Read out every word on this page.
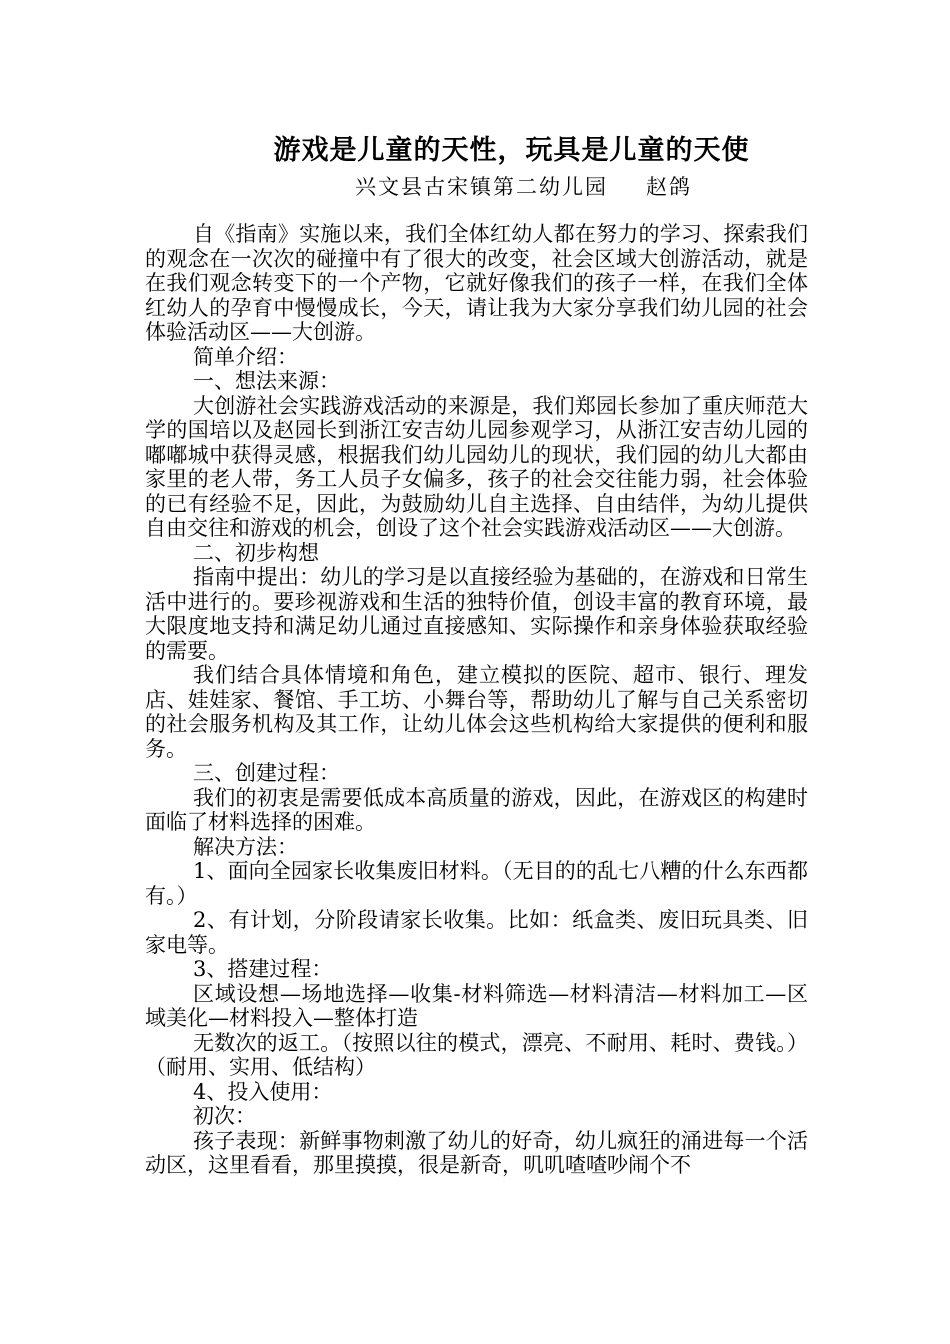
游戏是儿童的天性，玩具是儿童的天使
兴文县古宋镇第二幼儿园 赵鸽

自《指南》实施以来，我们全体红幼人都在努力的学习、探索我们的观念在一次次的碰撞中有了很大的改变，社会区域大创游活动，就是在我们观念转变下的一个产物，它就好像我们的孩子一样，在我们全体红幼人的孕育中慢慢成长，今天，请让我为大家分享我们幼儿园的社会体验活动区——大创游。

简单介绍：

一、想法来源：

大创游社会实践游戏活动的来源是，我们郑园长参加了重庆师范大学的国培以及赵园长到浙江安吉幼儿园参观学习，从浙江安吉幼儿园的嘟嘟城中获得灵感，根据我们幼儿园幼儿的现状，我们园的幼儿大都由家里的老人带，务工人员子女偏多，孩子的社会交往能力弱，社会体验的已有经验不足，因此，为鼓励幼儿自主选择、自由结伴，为幼儿提供自由交往和游戏的机会，创设了这个社会实践游戏活动区——大创游。

二、初步构想

指南中提出：幼儿的学习是以直接经验为基础的，在游戏和日常生活中进行的。要珍视游戏和生活的独特价值，创设丰富的教育环境，最大限度地支持和满足幼儿通过直接感知、实际操作和亲身体验获取经验的需要。

我们结合具体情境和角色，建立模拟的医院、超市、银行、理发店、娃娃家、餐馆、手工坊、小舞台等，帮助幼儿了解与自己关系密切的社会服务机构及其工作，让幼儿体会这些机构给大家提供的便利和服务。

三、创建过程：

我们的初衷是需要低成本高质量的游戏，因此，在游戏区的构建时面临了材料选择的困难。

解决方法：

1、面向全园家长收集废旧材料。（无目的的乱七八糟的什么东西都有。）

2、有计划，分阶段请家长收集。比如：纸盒类、废旧玩具类、旧家电等。

3、搭建过程：

区域设想—场地选择—收集-材料筛选—材料清洁—材料加工—区域美化—材料投入—整体打造

无数次的返工。（按照以往的模式，漂亮、不耐用、耗时、费钱。）（耐用、实用、低结构）

4、投入使用：

初次：

孩子表现：新鲜事物刺激了幼儿的好奇，幼儿疯狂的涌进每一个活动区，这里看看，那里摸摸，很是新奇，叽叽喳喳吵闹个不
